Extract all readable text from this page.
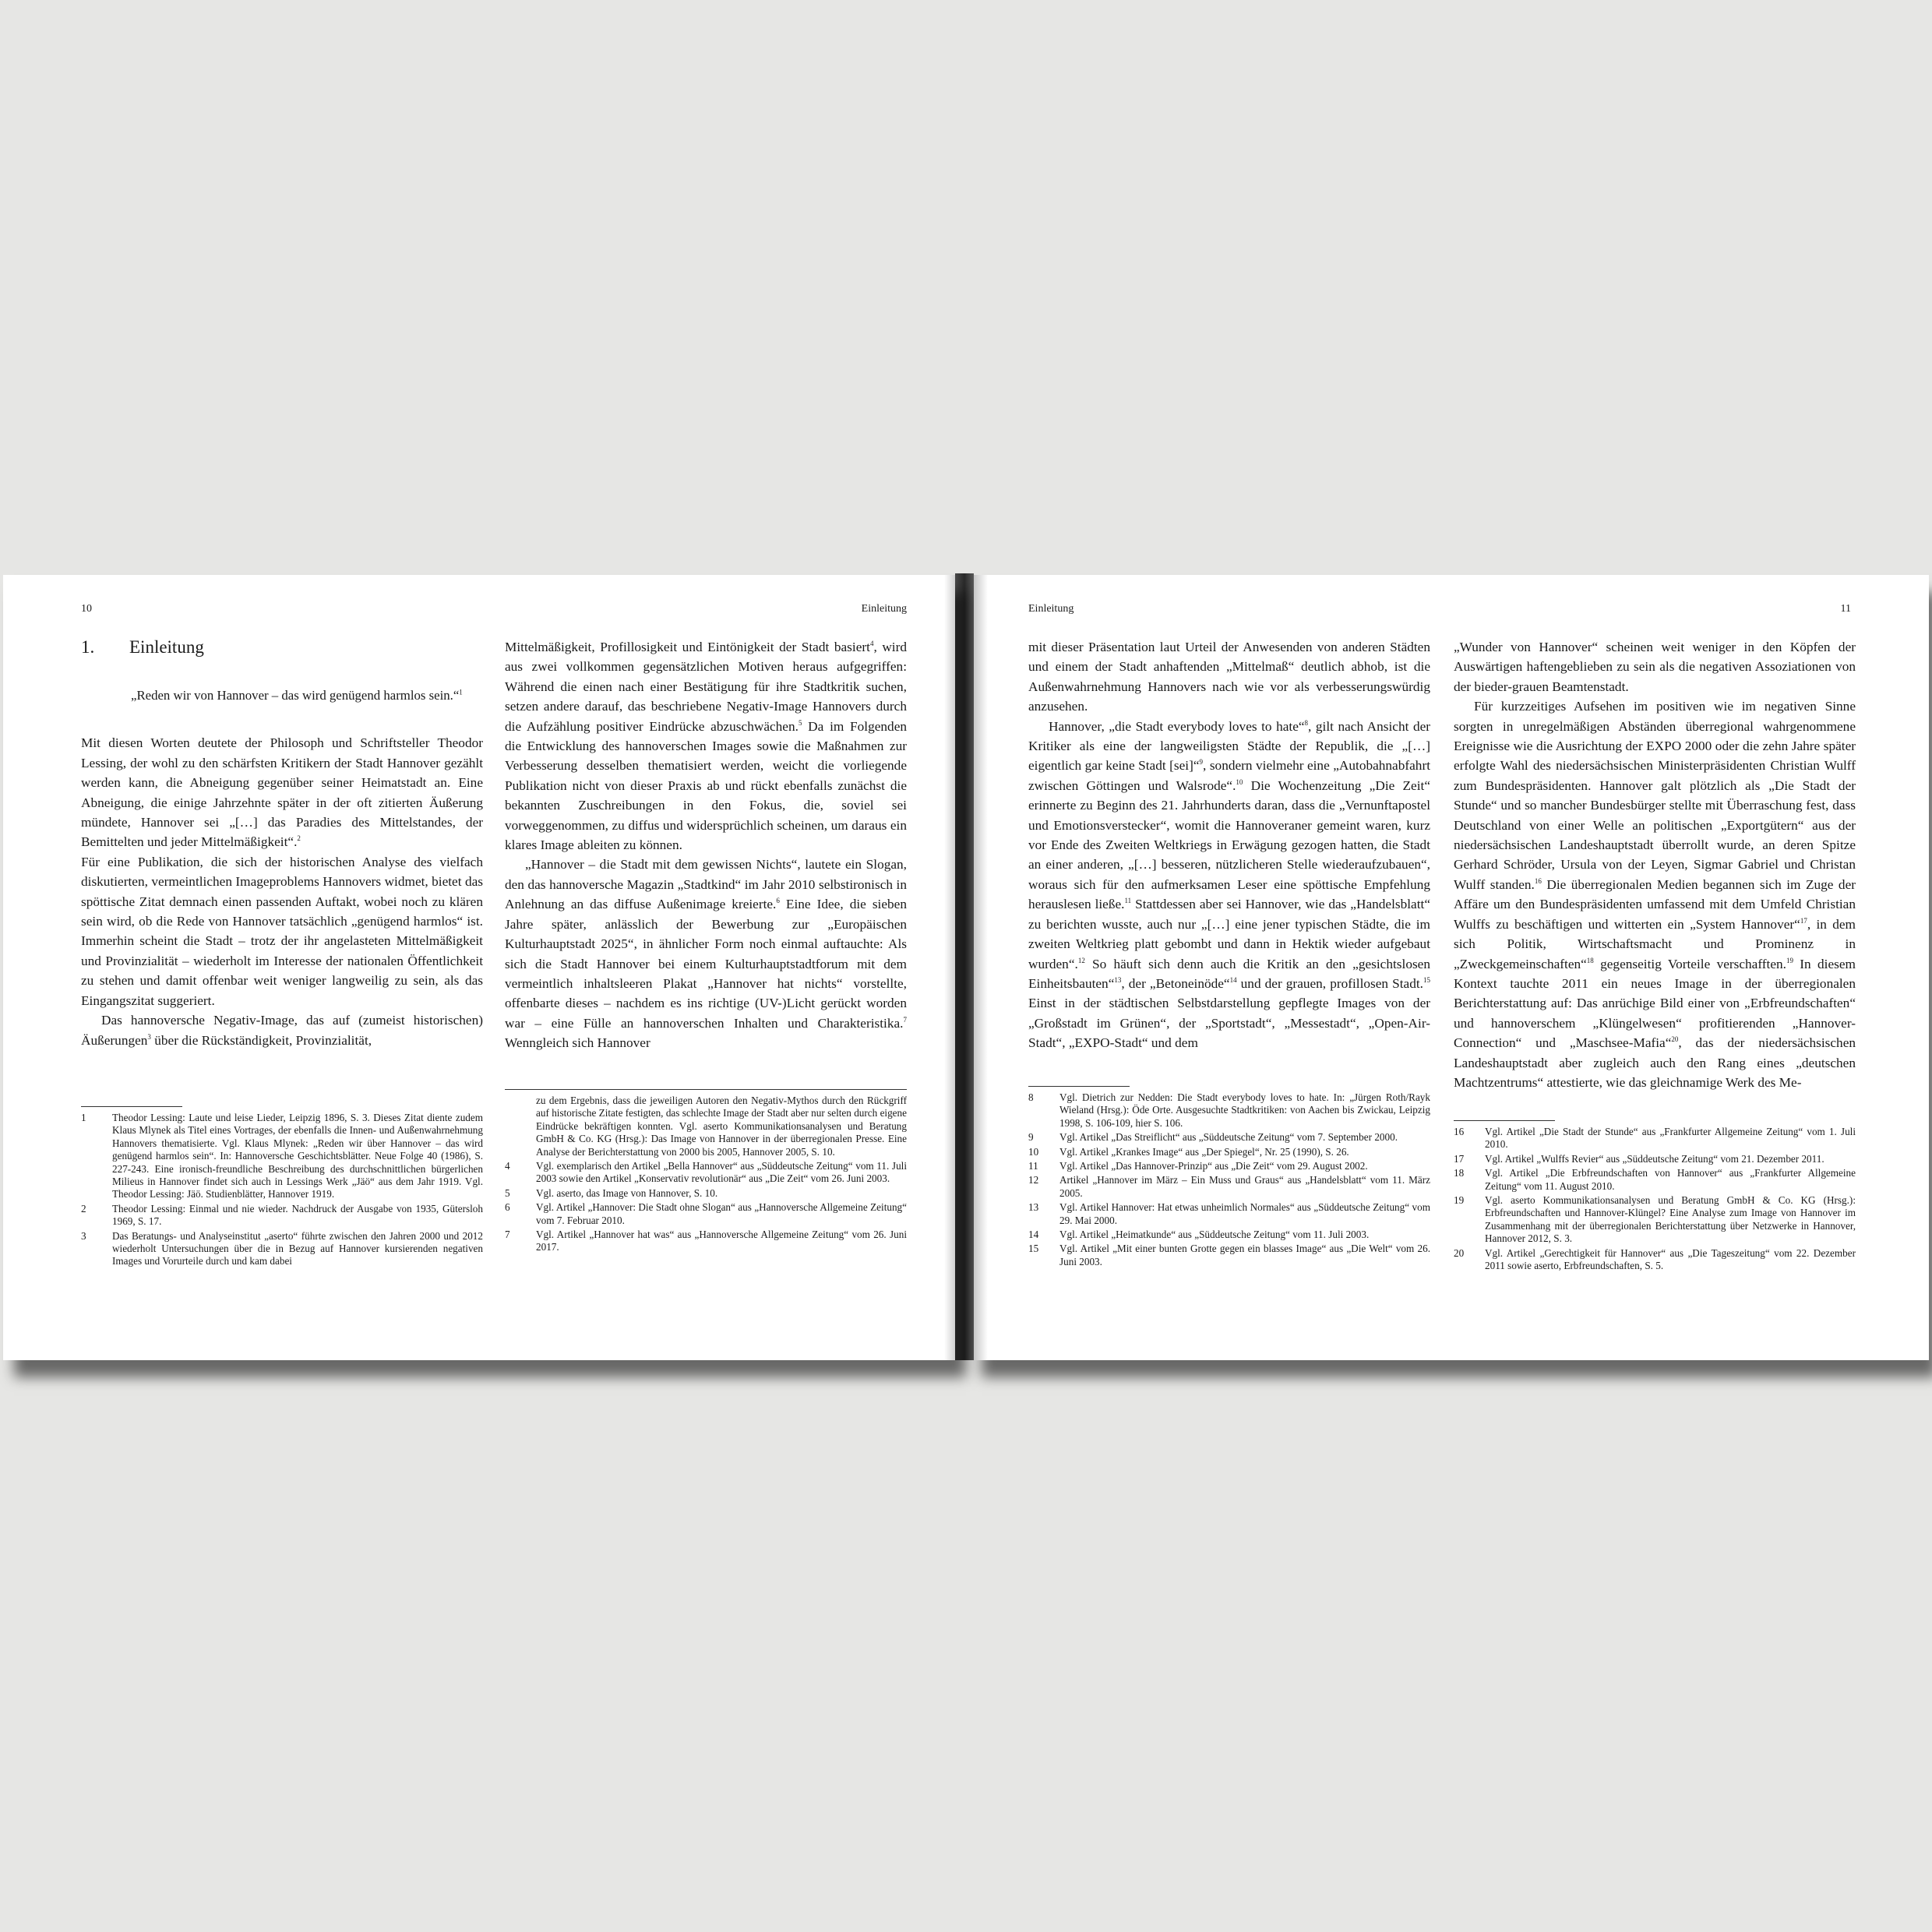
10	Einleitung
1.	Einleitung
„Reden wir von Hannover – das wird genügend harmlos sein.“$^1$

Mit diesen Worten deutete der Philosoph und Schriftsteller Theodor Lessing, der wohl zu den schärfsten Kritikern der Stadt Hannover gezählt werden kann, die Abneigung gegenüber seiner Heimatstadt an. Eine Abneigung, die einige Jahrzehnte später in der oft zitierten Äußerung mündete, Hannover sei „[…] das Paradies des Mittelstandes, der Bemittelten und jeder Mittelmäßigkeit“.$^2$

Für eine Publikation, die sich der historischen Analyse des vielfach diskutierten, vermeintlichen Imageproblems Hannovers widmet, bietet das spöttische Zitat demnach einen passenden Auftakt, wobei noch zu klären sein wird, ob die Rede von Hannover tatsächlich „genügend harmlos“ ist. Immerhin scheint die Stadt – trotz der ihr angelasteten Mittelmäßigkeit und Provinzialität – wiederholt im Interesse der nationalen Öffentlichkeit zu stehen und damit offenbar weit weniger langweilig zu sein, als das Eingangszitat suggeriert.

Das hannoversche Negativ-Image, das auf (zumeist historischen) Äußerungen$^3$ über die Rückständigkeit, Provinzialität,

Mittelmäßigkeit, Profillosigkeit und Eintönigkeit der Stadt basiert$^4$, wird aus zwei vollkommen gegensätzlichen Motiven heraus aufgegriffen: Während die einen nach einer Bestätigung für ihre Stadtkritik suchen, setzen andere darauf, das beschriebene Negativ-Image Hannovers durch die Aufzählung positiver Eindrücke abzuschwächen.$^5$ Da im Folgenden die Entwicklung des hannoverschen Images sowie die Maßnahmen zur Verbesserung desselben thematisiert werden, weicht die vorliegende Publikation nicht von dieser Praxis ab und rückt ebenfalls zunächst die bekannten Zuschreibungen in den Fokus, die, soviel sei vorweggenommen, zu diffus und widersprüchlich scheinen, um daraus ein klares Image ableiten zu können.

„Hannover – die Stadt mit dem gewissen Nichts“, lautete ein Slogan, den das hannoversche Magazin „Stadtkind“ im Jahr 2010 selbstironisch in Anlehnung an das diffuse Außenimage kreierte.$^6$ Eine Idee, die sieben Jahre später, anlässlich der Bewerbung zur „Europäischen Kulturhauptstadt 2025“, in ähnlicher Form noch einmal auftauchte: Als sich die Stadt Hannover bei einem Kulturhauptstadtforum mit dem vermeintlich inhaltsleeren Plakat „Hannover hat nichts“ vorstellte, offenbarte dieses – nachdem es ins richtige (UV-)Licht gerückt worden war – eine Fülle an hannoverschen Inhalten und Charakteristika.$^7$ Wenngleich sich Hannover

1	Theodor Lessing: Laute und leise Lieder, Leipzig 1896, S. 3. Dieses Zitat diente zudem Klaus Mlynek als Titel eines Vortrages, der ebenfalls die Innen- und Außenwahrnehmung Hannovers thematisierte. Vgl. Klaus Mlynek: „Reden wir über Hannover – das wird genügend harmlos sein“. In: Hannoversche Geschichtsblätter. Neue Folge 40 (1986), S. 227-243. Eine ironisch-freundliche Beschreibung des durchschnittlichen bürgerlichen Milieus in Hannover findet sich auch in Lessings Werk „Jäö“ aus dem Jahr 1919. Vgl. Theodor Lessing: Jäö. Studienblätter, Hannover 1919.
2	Theodor Lessing: Einmal und nie wieder. Nachdruck der Ausgabe von 1935, Gütersloh 1969, S. 17.
3	Das Beratungs- und Analyseinstitut „aserto“ führte zwischen den Jahren 2000 und 2012 wiederholt Untersuchungen über die in Bezug auf Hannover kursierenden negativen Images und Vorurteile durch und kam dabei
zu dem Ergebnis, dass die jeweiligen Autoren den Negativ-Mythos durch den Rückgriff auf historische Zitate festigten, das schlechte Image der Stadt aber nur selten durch eigene Eindrücke bekräftigen konnten. Vgl. aserto Kommunikationsanalysen und Beratung GmbH & Co. KG (Hrsg.): Das Image von Hannover in der überregionalen Presse. Eine Analyse der Berichterstattung von 2000 bis 2005, Hannover 2005, S. 10.
4	Vgl. exemplarisch den Artikel „Bella Hannover“ aus „Süddeutsche Zeitung“ vom 11. Juli 2003 sowie den Artikel „Konservativ revolutionär“ aus „Die Zeit“ vom 26. Juni 2003.
5	Vgl. aserto, das Image von Hannover, S. 10.
6	Vgl. Artikel „Hannover: Die Stadt ohne Slogan“ aus „Hannoversche Allgemeine Zeitung“ vom 7. Februar 2010.
7	Vgl. Artikel „Hannover hat was“ aus „Hannoversche Allgemeine Zeitung“ vom 26. Juni 2017.
Einleitung	11

mit dieser Präsentation laut Urteil der Anwesenden von anderen Städten und einem der Stadt anhaftenden „Mittelmaß“ deutlich abhob, ist die Außenwahrnehmung Hannovers nach wie vor als verbesserungswürdig anzusehen.

Hannover, „die Stadt everybody loves to hate“$^8$, gilt nach Ansicht der Kritiker als eine der langweiligsten Städte der Republik, die „[…] eigentlich gar keine Stadt [sei]“$^9$, sondern vielmehr eine „Autobahnabfahrt zwischen Göttingen und Walsrode“.$^{10}$ Die Wochenzeitung „Die Zeit“ erinnerte zu Beginn des 21. Jahrhunderts daran, dass die „Vernunftapostel und Emotionsverstecker“, womit die Hannoveraner gemeint waren, kurz vor Ende des Zweiten Weltkriegs in Erwägung gezogen hatten, die Stadt an einer anderen, „[…] besseren, nützlicheren Stelle wiederaufzubauen“, woraus sich für den aufmerksamen Leser eine spöttische Empfehlung herauslesen ließe.$^{11}$ Stattdessen aber sei Hannover, wie das „Handelsblatt“ zu berichten wusste, auch nur „[…] eine jener typischen Städte, die im zweiten Weltkrieg platt gebombt und dann in Hektik wieder aufgebaut wurden“.$^{12}$ So häuft sich denn auch die Kritik an den „gesichtslosen Einheitsbauten“$^{13}$, der „Betoneinöde“$^{14}$ und der grauen, profillosen Stadt.$^{15}$ Einst in der städtischen Selbstdarstellung gepflegte Images von der „Großstadt im Grünen“, der „Sportstadt“, „Messestadt“, „Open-Air-Stadt“, „EXPO-Stadt“ und dem

„Wunder von Hannover“ scheinen weit weniger in den Köpfen der Auswärtigen haftengeblieben zu sein als die negativen Assoziationen von der bieder-grauen Beamtenstadt.

Für kurzzeitiges Aufsehen im positiven wie im negativen Sinne sorgten in unregelmäßigen Abständen überregional wahrgenommene Ereignisse wie die Ausrichtung der EXPO 2000 oder die zehn Jahre später erfolgte Wahl des niedersächsischen Ministerpräsidenten Christian Wulff zum Bundespräsidenten. Hannover galt plötzlich als „Die Stadt der Stunde“ und so mancher Bundesbürger stellte mit Überraschung fest, dass Deutschland von einer Welle an politischen „Exportgütern“ aus der niedersächsischen Landeshauptstadt überrollt wurde, an deren Spitze Gerhard Schröder, Ursula von der Leyen, Sigmar Gabriel und Christan Wulff standen.$^{16}$ Die überregionalen Medien begannen sich im Zuge der Affäre um den Bundespräsidenten umfassend mit dem Umfeld Christian Wulffs zu beschäftigen und witterten ein „System Hannover“$^{17}$, in dem sich Politik, Wirtschaftsmacht und Prominenz in „Zweckgemeinschaften“$^{18}$ gegenseitig Vorteile verschafften.$^{19}$ In diesem Kontext tauchte 2011 ein neues Image in der überregionalen Berichterstattung auf: Das anrüchige Bild einer von „Erbfreundschaften“ und hannoverschem „Klüngelwesen“ profitierenden „Hannover-Connection“ und „Maschsee-Mafia“$^{20}$, das der niedersächsischen Landeshauptstadt aber zugleich auch den Rang eines „deutschen Machtzentrums“ attestierte, wie das gleichnamige Werk des Me-

8	Vgl. Dietrich zur Nedden: Die Stadt everybody loves to hate. In: „Jürgen Roth/Rayk Wieland (Hrsg.): Öde Orte. Ausgesuchte Stadtkritiken: von Aachen bis Zwickau, Leipzig 1998, S. 106-109, hier S. 106.
9	Vgl. Artikel „Das Streiflicht“ aus „Süddeutsche Zeitung“ vom 7. September 2000.
10	Vgl. Artikel „Krankes Image“ aus „Der Spiegel“, Nr. 25 (1990), S. 26.
11	Vgl. Artikel „Das Hannover-Prinzip“ aus „Die Zeit“ vom 29. August 2002.
12	Artikel „Hannover im März – Ein Muss und Graus“ aus „Handelsblatt“ vom 11. März 2005.
13	Vgl. Artikel Hannover: Hat etwas unheimlich Normales“ aus „Süddeutsche Zeitung“ vom 29. Mai 2000.
14	Vgl. Artikel „Heimatkunde“ aus „Süddeutsche Zeitung“ vom 11. Juli 2003.
15	Vgl. Artikel „Mit einer bunten Grotte gegen ein blasses Image“ aus „Die Welt“ vom 26. Juni 2003.
16	Vgl. Artikel „Die Stadt der Stunde“ aus „Frankfurter Allgemeine Zeitung“ vom 1. Juli 2010.
17	Vgl. Artikel „Wulffs Revier“ aus „Süddeutsche Zeitung“ vom 21. Dezember 2011.
18	Vgl. Artikel „Die Erbfreundschaften von Hannover“ aus „Frankfurter Allgemeine Zeitung“ vom 11. August 2010.
19	Vgl. aserto Kommunikationsanalysen und Beratung GmbH & Co. KG (Hrsg.): Erbfreundschaften und Hannover-Klüngel? Eine Analyse zum Image von Hannover im Zusammenhang mit der überregionalen Berichterstattung über Netzwerke in Hannover, Hannover 2012, S. 3.
20	Vgl. Artikel „Gerechtigkeit für Hannover“ aus „Die Tageszeitung“ vom 22. Dezember 2011 sowie aserto, Erbfreundschaften, S. 5.
